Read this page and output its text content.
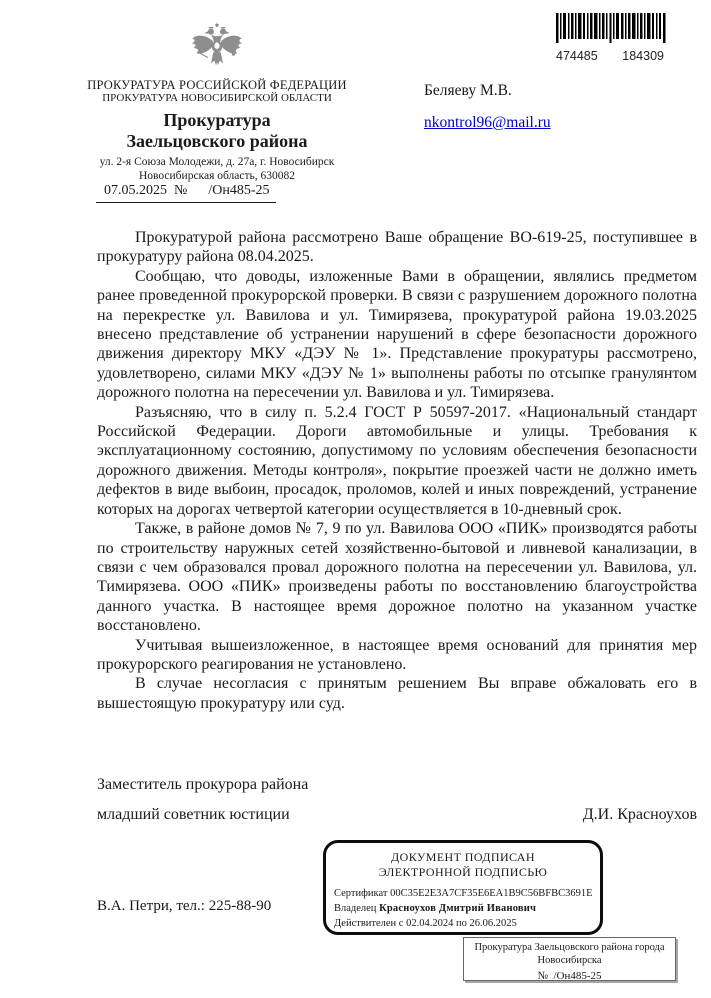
ПРОКУРАТУРА РОССИЙСКОЙ ФЕДЕРАЦИИ
ПРОКУРАТУРА НОВОСИБИРСКОЙ ОБЛАСТИ
Прокуратура
Заельцовского района
ул. 2-я Союза Молодежи, д. 27а, г. Новосибирск
Новосибирская область, 630082
07.05.2025  №      /Он485-25
474485 184309
Беляеву М.В.
nkontrol96@mail.ru

Прокуратурой района рассмотрено Ваше обращение ВО-619-25, поступившее в прокуратуру района 08.04.2025.

Сообщаю, что доводы, изложенные Вами в обращении, являлись предметом ранее проведенной прокурорской проверки. В связи с разрушением дорожного полотна на перекрестке ул. Вавилова и ул. Тимирязева, прокуратурой района 19.03.2025 внесено представление об устранении нарушений в сфере безопасности дорожного движения директору МКУ «ДЭУ № 1». Представление прокуратуры рассмотрено, удовлетворено, силами МКУ «ДЭУ № 1» выполнены работы по отсыпке гранулянтом дорожного полотна на пересечении ул. Вавилова и ул. Тимирязева.

Разъясняю, что в силу п. 5.2.4 ГОСТ Р 50597-2017. «Национальный стандарт Российской Федерации. Дороги автомобильные и улицы. Требования к эксплуатационному состоянию, допустимому по условиям обеспечения безопасности дорожного движения. Методы контроля», покрытие проезжей части не должно иметь дефектов в виде выбоин, просадок, проломов, колей и иных повреждений, устранение которых на дорогах четвертой категории осуществляется в 10-дневный срок.

Также, в районе домов № 7, 9 по ул. Вавилова ООО «ПИК» производятся работы по строительству наружных сетей хозяйственно-бытовой и ливневой канализации, в связи с чем образовался провал дорожного полотна на пересечении ул. Вавилова, ул. Тимирязева. ООО «ПИК» произведены работы по восстановлению благоустройства данного участка. В настоящее время дорожное полотно на указанном участке восстановлено.

Учитывая вышеизложенное, в настоящее время оснований для принятия мер прокурорского реагирования не установлено.

В случае несогласия с принятым решением Вы вправе обжаловать его в вышестоящую прокуратуру или суд.

Заместитель прокурора района
младший советник юстиции	Д.И. Красноухов
ДОКУМЕНТ ПОДПИСАН
ЭЛЕКТРОННОЙ ПОДПИСЬЮ
Сертификат 00C35E2E3A7CF35E6EA1B9C56BFBC3691E
Владелец Красноухов Дмитрий Иванович
Действителен с 02.04.2024 по 26.06.2025
В.А. Петри, тел.: 225-88-90
Прокуратура Заельцовского района города
Новосибирска
№  /Он485-25
